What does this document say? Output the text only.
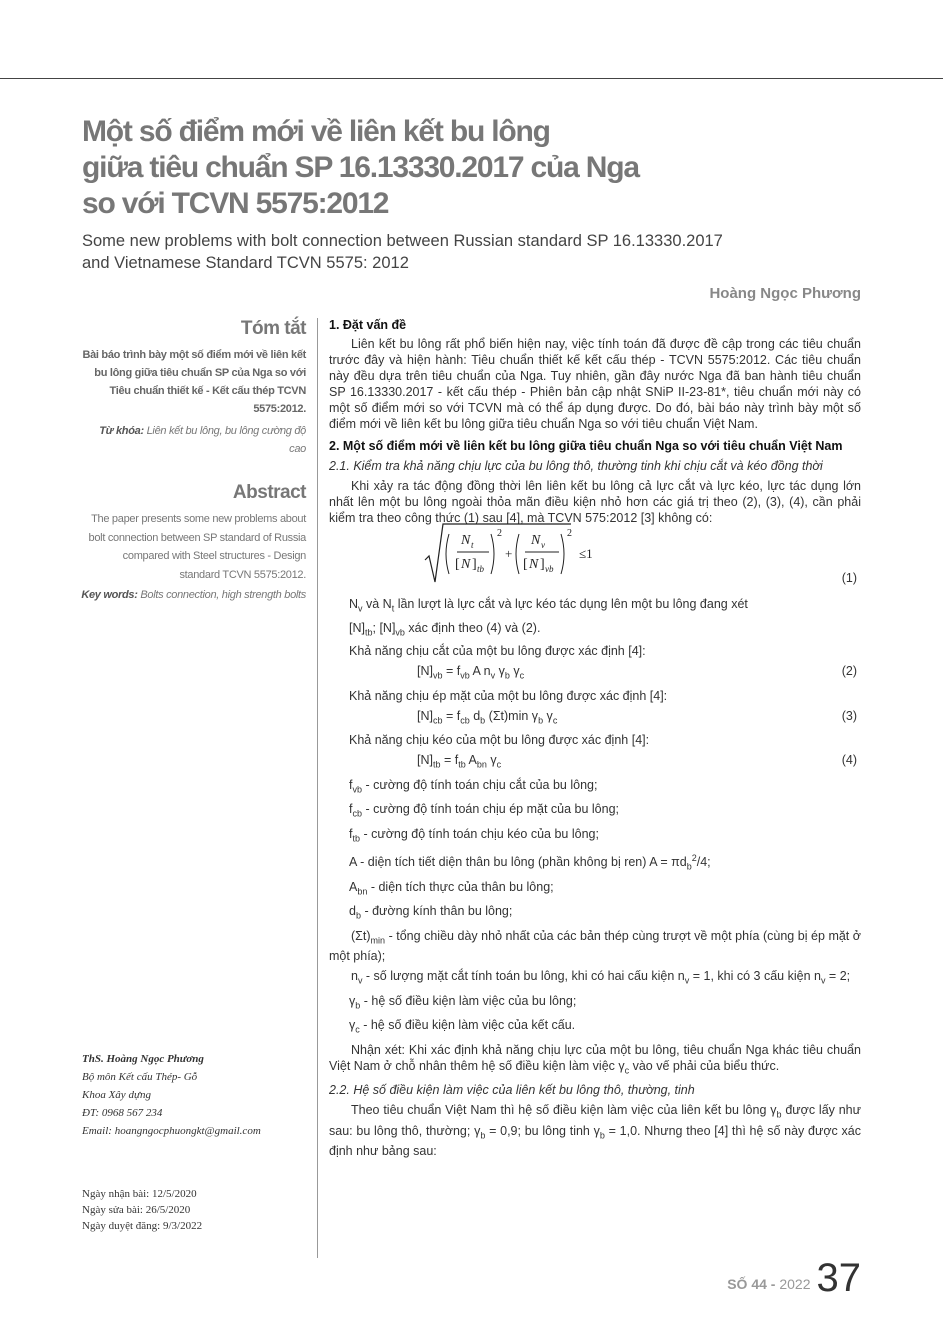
Một số điểm mới về liên kết bu lông
giữa tiêu chuẩn SP 16.13330.2017 của Nga
so với TCVN 5575:2012
Some new problems with bolt connection between Russian standard SP 16.13330.2017
and Vietnamese Standard TCVN 5575: 2012
Hoàng Ngọc Phương
Tóm tắt

Bài báo trình bày một số điểm mới về liên kết bu lông giữa tiêu chuẩn SP của Nga so với Tiêu chuẩn thiết kế - Kết cấu thép TCVN 5575:2012.

Từ khóa: Liên kết bu lông, bu lông cường độ cao

Abstract

The paper presents some new problems about bolt connection between SP standard of Russia compared with Steel structures - Design standard TCVN 5575:2012.

Key words: Bolts connection, high strength bolts

ThS. Hoàng Ngọc Phương
Bộ môn Kết cấu Thép- Gỗ
Khoa Xây dựng
ĐT: 0968 567 234
Email: hoangngocphuongkt@gmail.com
Ngày nhận bài: 12/5/2020
Ngày sửa bài: 26/5/2020
Ngày duyệt đăng: 9/3/2022
1. Đặt vấn đề

Liên kết bu lông rất phổ biến hiện nay, việc tính toán đã được đề cập trong các tiêu chuẩn trước đây và hiện hành: Tiêu chuẩn thiết kế kết cấu thép - TCVN 5575:2012. Các tiêu chuẩn này đều dựa trên tiêu chuẩn của Nga. Tuy nhiên, gần đây nước Nga đã ban hành tiêu chuẩn SP 16.13330.2017 - kết cấu thép - Phiên bản cập nhật SNiP II-23-81*, tiêu chuẩn mới này có một số điểm mới so với TCVN mà có thể áp dụng được. Do đó, bài báo này trình bày một số điểm mới về liên kết bu lông giữa tiêu chuẩn Nga so với tiêu chuẩn Việt Nam.

2. Một số điểm mới về liên kết bu lông giữa tiêu chuẩn Nga so với tiêu chuẩn Việt Nam

2.1. Kiểm tra khả năng chịu lực của bu lông thô, thường tinh khi chịu cắt và kéo đồng thời

Khi xảy ra tác động đồng thời lên liên kết bu lông cả lực cắt và lực kéo, lực tác dụng lớn nhất lên một bu lông ngoài thỏa mãn điều kiện nhỏ hơn các giá trị theo (2), (3), (4), cần phải kiểm tra theo công thức (1) sau [4], mà TCVN 575:2012 [3] không có:

N t
[ N ] tb
2
+
N v
[ N ] vb
2
≤1
(1)

$N_v$ và $N_t$ lần lượt là lực cắt và lực kéo tác dụng lên một bu lông đang xét

$[N]_{tb}$; $[N]_{vb}$ xác định theo (4) và (2).

Khả năng chịu cắt của một bu lông được xác định [4]:

$[N]_{vb} = f_{vb}$ A $n_v$ $\gamma_b$ $\gamma_c$	(2)

Khả năng chịu ép mặt của một bu lông được xác định [4]:

$[N]_{cb} = f_{cb}$ $d_b$ (Σt)min $\gamma_b$ $\gamma_c$	(3)

Khả năng chịu kéo của một bu lông được xác định [4]:

$[N]_{tb} = f_{tb}$ $A_{bn}$ $\gamma_c$	(4)

$f_{vb}$ - cường độ tính toán chịu cắt của bu lông;

$f_{cb}$ - cường độ tính toán chịu ép mặt của bu lông;

$f_{tb}$ - cường độ tính toán chịu kéo của bu lông;

A - diện tích tiết diện thân bu lông (phần không bị ren) $A = \pi d_b^2/4$;

$A_{bn}$ - diện tích thực của thân bu lông;

$d_b$ - đường kính thân bu lông;

$(\Sigma t)_{min}$ - tổng chiều dày nhỏ nhất của các bản thép cùng trượt về một phía (cùng bị ép mặt ở một phía);

$n_v$ - số lượng mặt cắt tính toán bu lông, khi có hai cấu kiện $n_v = 1$, khi có 3 cấu kiện $n_v = 2$;

$\gamma_b$ - hệ số điều kiện làm việc của bu lông;

$\gamma_c$ - hệ số điều kiện làm việc của kết cấu.

Nhận xét: Khi xác định khả năng chịu lực của một bu lông, tiêu chuẩn Nga khác tiêu chuẩn Việt Nam ở chỗ nhân thêm hệ số điều kiện làm việc $\gamma_c$ vào vế phải của biểu thức.

2.2. Hệ số điều kiện làm việc của liên kết bu lông thô, thường, tinh

Theo tiêu chuẩn Việt Nam thì hệ số điều kiện làm việc của liên kết bu lông $\gamma_b$ được lấy như sau: bu lông thô, thường; $\gamma_b = 0,9$; bu lông tinh $\gamma_b = 1,0$. Nhưng theo [4] thì hệ số này được xác định như bảng sau:

SỐ 44 - 2022 37
